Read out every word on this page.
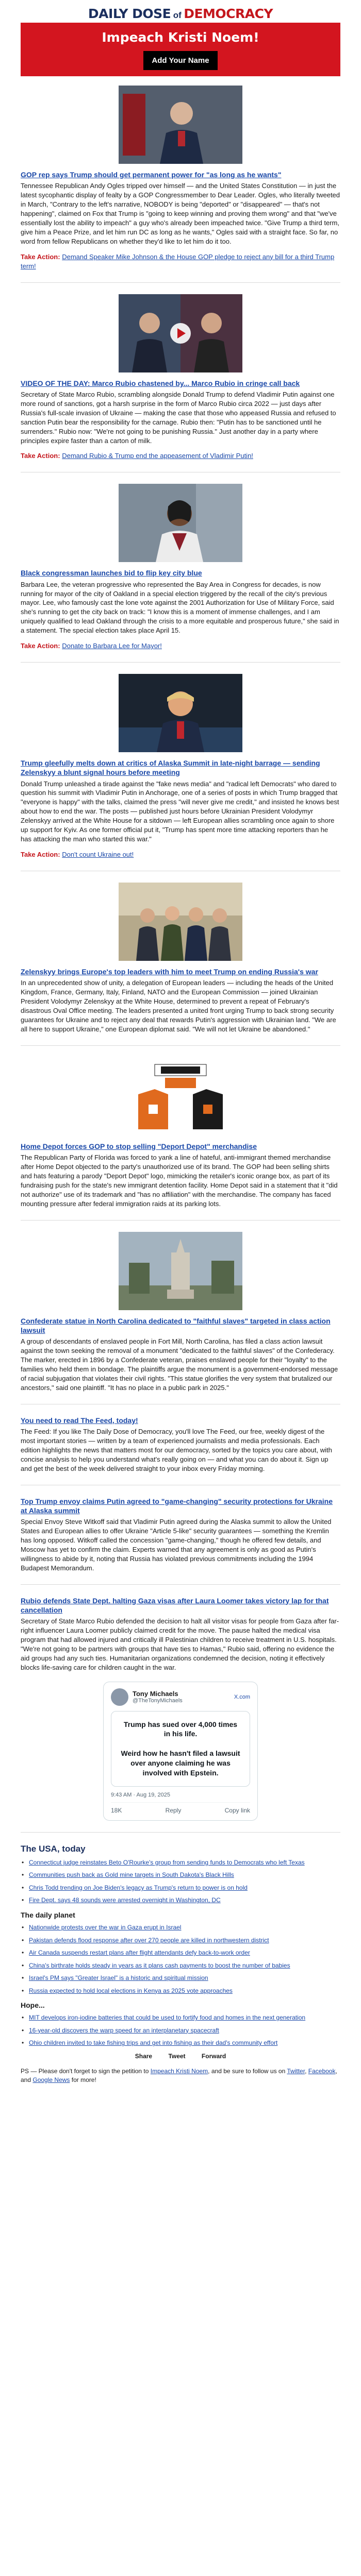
DAILY DOSE of DEMOCRACY
Impeach Kristi Noem!
Add Your Name
GOP rep says Trump should get permanent power for "as long as he wants"
Tennessee Republican Andy Ogles tripped over himself — and the United States Constitution — in just the latest sycophantic display of fealty by a GOP Congressmember to Dear Leader. Ogles, who literally tweeted in March, "Contrary to the left's narrative, NOBODY is being "deported" or "disappeared" — that's not happening", claimed on Fox that Trump is "going to keep winning and proving them wrong" and that "we've essentially lost the ability to impeach" a guy who's already been impeached twice. "Give Trump a third term, give him a Peace Prize, and let him run DC as long as he wants," Ogles said with a straight face. So far, no word from fellow Republicans on whether they'd like to let him do it too.
Take Action: Demand Speaker Mike Johnson & the House GOP pledge to reject any bill for a third Trump term!
VIDEO OF THE DAY: Marco Rubio chastened by... Marco Rubio in cringe call back
Secretary of State Marco Rubio, scrambling alongside Donald Trump to defend Vladimir Putin against one more round of sanctions, got a harsh surprise in the form of Marco Rubio circa 2022 — just days after Russia's full-scale invasion of Ukraine — making the case that those who appeased Russia and refused to sanction Putin bear the responsibility for the carnage. Rubio then: "Putin has to be sanctioned until he surrenders." Rubio now: "We're not going to be punishing Russia." Just another day in a party where principles expire faster than a carton of milk.
Take Action: Demand Rubio & Trump end the appeasement of Vladimir Putin!
Black congressman launches bid to flip key city blue
Barbara Lee, the veteran progressive who represented the Bay Area in Congress for decades, is now running for mayor of the city of Oakland in a special election triggered by the recall of the city's previous mayor. Lee, who famously cast the lone vote against the 2001 Authorization for Use of Military Force, said she's running to get the city back on track: "I know this is a moment of immense challenges, and I am uniquely qualified to lead Oakland through the crisis to a more equitable and prosperous future," she said in a statement. The special election takes place April 15.
Take Action: Donate to Barbara Lee for Mayor!
Trump gleefully melts down at critics of Alaska Summit in late-night barrage — sending Zelenskyy a blunt signal hours before meeting
Donald Trump unleashed a tirade against the "fake news media" and "radical left Democrats" who dared to question his summit with Vladimir Putin in Anchorage, one of a series of posts in which Trump bragged that "everyone is happy" with the talks, claimed the press "will never give me credit," and insisted he knows best about how to end the war. The posts — published just hours before Ukrainian President Volodymyr Zelenskyy arrived at the White House for a sitdown — left European allies scrambling once again to shore up support for Kyiv. As one former official put it, "Trump has spent more time attacking reporters than he has attacking the man who started this war."
Take Action: Don't count Ukraine out!
Zelenskyy brings Europe's top leaders with him to meet Trump on ending Russia's war
In an unprecedented show of unity, a delegation of European leaders — including the heads of the United Kingdom, France, Germany, Italy, Finland, NATO and the European Commission — joined Ukrainian President Volodymyr Zelenskyy at the White House, determined to prevent a repeat of February's disastrous Oval Office meeting. The leaders presented a united front urging Trump to back strong security guarantees for Ukraine and to reject any deal that rewards Putin's aggression with Ukrainian land. "We are all here to support Ukraine," one European diplomat said. "We will not let Ukraine be abandoned."
Home Depot forces GOP to stop selling "Deport Depot" merchandise
The Republican Party of Florida was forced to yank a line of hateful, anti-immigrant themed merchandise after Home Depot objected to the party's unauthorized use of its brand. The GOP had been selling shirts and hats featuring a parody "Deport Depot" logo, mimicking the retailer's iconic orange box, as part of its fundraising push for the state's new immigrant detention facility. Home Depot said in a statement that it "did not authorize" use of its trademark and "has no affiliation" with the merchandise. The company has faced mounting pressure after federal immigration raids at its parking lots.
Confederate statue in North Carolina dedicated to "faithful slaves" targeted in class action lawsuit
A group of descendants of enslaved people in Fort Mill, North Carolina, has filed a class action lawsuit against the town seeking the removal of a monument "dedicated to the faithful slaves" of the Confederacy. The marker, erected in 1896 by a Confederate veteran, praises enslaved people for their "loyalty" to the families who held them in bondage. The plaintiffs argue the monument is a government-endorsed message of racial subjugation that violates their civil rights. "This statue glorifies the very system that brutalized our ancestors," said one plaintiff. "It has no place in a public park in 2025."
You need to read The Feed, today!
The Feed: If you like The Daily Dose of Democracy, you'll love The Feed, our free, weekly digest of the most important stories — written by a team of experienced journalists and media professionals. Each edition highlights the news that matters most for our democracy, sorted by the topics you care about, with concise analysis to help you understand what's really going on — and what you can do about it. Sign up and get the best of the week delivered straight to your inbox every Friday morning.
Top Trump envoy claims Putin agreed to "game-changing" security protections for Ukraine at Alaska summit
Special Envoy Steve Witkoff said that Vladimir Putin agreed during the Alaska summit to allow the United States and European allies to offer Ukraine "Article 5-like" security guarantees — something the Kremlin has long opposed. Witkoff called the concession "game-changing," though he offered few details, and Moscow has yet to confirm the claim. Experts warned that any agreement is only as good as Putin's willingness to abide by it, noting that Russia has violated previous commitments including the 1994 Budapest Memorandum.
Rubio defends State Dept. halting Gaza visas after Laura Loomer takes victory lap for that cancellation
Secretary of State Marco Rubio defended the decision to halt all visitor visas for people from Gaza after far-right influencer Laura Loomer publicly claimed credit for the move. The pause halted the medical visa program that had allowed injured and critically ill Palestinian children to receive treatment in U.S. hospitals. "We're not going to be partners with groups that have ties to Hamas," Rubio said, offering no evidence the aid groups had any such ties. Humanitarian organizations condemned the decision, noting it effectively blocks life-saving care for children caught in the war.
Tony Michaels
@TheTonyMichaels
X.com
Trump has sued over 4,000 times in his life.

Weird how he hasn't filed a lawsuit over anyone claiming he was involved with Epstein.
9:43 AM · Aug 19, 2025
18K	Reply	Copy link
The USA, today
• Connecticut judge reinstates Beto O'Rourke's group from sending funds to Democrats who left Texas
• Communities push back as Gold mine targets in South Dakota's Black Hills
• Chris Todd trending on Joe Biden's legacy as Trump's return to power is on hold
• Fire Dept. says 48 sounds were arrested overnight in Washington, DC
The daily planet
• Nationwide protests over the war in Gaza erupt in Israel
• Pakistan defends flood response after over 270 people are killed in northwestern district
• Air Canada suspends restart plans after flight attendants defy back-to-work order
• China's birthrate holds steady in years as it plans cash payments to boost the number of babies
• Israel's PM says "Greater Israel" is a historic and spiritual mission
• Russia expected to hold local elections in Kenya as 2025 vote approaches
Hope...
• MIT develops iron-iodine batteries that could be used to fortify food and homes in the next generation
• 16-year-old discovers the warp speed for an interplanetary spacecraft
• Ohio children invited to take fishing trips and get into fishing as their dad's community effort
Share	Tweet	Forward
PS — Please don't forget to sign the petition to Impeach Kristi Noem, and be sure to follow us on Twitter, Facebook, and Google News for more!
